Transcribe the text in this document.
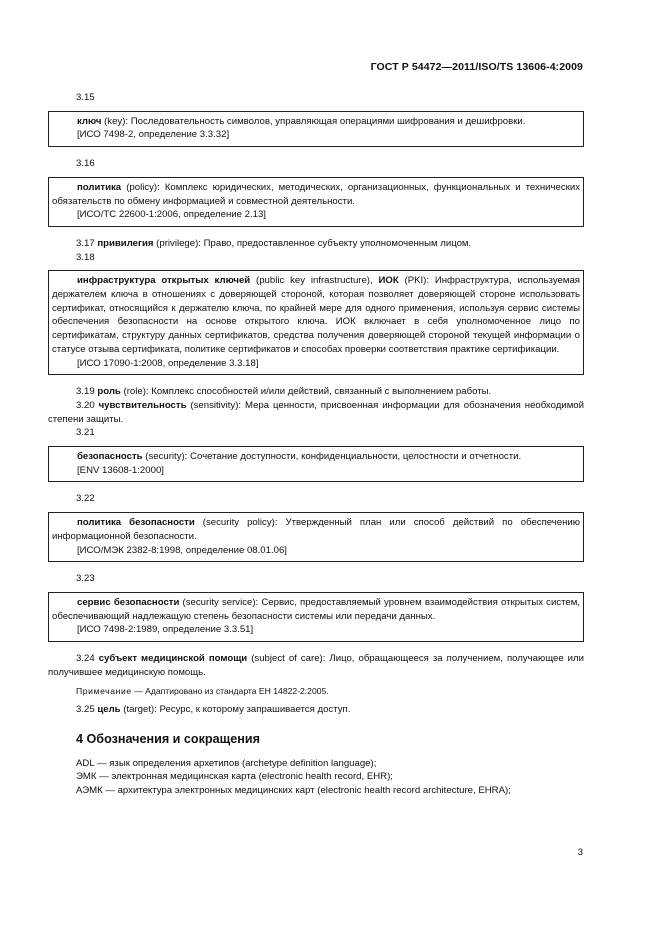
ГОСТ Р 54472—2011/ISO/TS 13606-4:2009
3.15
ключ (key): Последовательность символов, управляющая операциями шифрования и дешифровки.
[ИСО 7498-2, определение 3.3.32]
3.16
политика (policy): Комплекс юридических, методических, организационных, функциональных и технических обязательств по обмену информацией и совместной деятельности.
[ИСО/ТС 22600-1:2006, определение 2.13]
3.17 привилегия (privilege): Право, предоставленное субъекту уполномоченным лицом.
3.18
инфраструктура открытых ключей (public key infrastructure), ИОК (PKI): Инфраструктура, используемая держателем ключа в отношениях с доверяющей стороной, которая позволяет доверяющей стороне использовать сертификат, относящийся к держателю ключа, по крайней мере для одного применения, используя сервис системы обеспечения безопасности на основе открытого ключа. ИОК включает в себя уполномоченное лицо по сертификатам, структуру данных сертификатов, средства получения доверяющей стороной текущей информации о статусе отзыва сертификата, политике сертификатов и способах проверки соответствия практике сертификации.
[ИСО 17090-1:2008, определение 3.3.18]
3.19 роль (role): Комплекс способностей и/или действий, связанный с выполнением работы.
3.20 чувствительность (sensitivity): Мера ценности, присвоенная информации для обозначения необходимой степени защиты.
3.21
безопасность (security): Сочетание доступности, конфиденциальности, целостности и отчетности.
[ENV 13608-1:2000]
3.22
политика безопасности (security policy): Утвержденный план или способ действий по обеспечению информационной безопасности.
[ИСО/МЭК 2382-8:1998, определение 08.01.06]
3.23
сервис безопасности (security service): Сервис, предоставляемый уровнем взаимодействия открытых систем, обеспечивающий надлежащую степень безопасности системы или передачи данных.
[ИСО 7498-2:1989, определение 3.3.51]
3.24 субъект медицинской помощи (subject of care): Лицо, обращающееся за получением, получающее или получившее медицинскую помощь.
Примечание — Адаптировано из стандарта ЕН 14822-2:2005.
3.25 цель (target): Ресурс, к которому запрашивается доступ.
4 Обозначения и сокращения
ADL — язык определения архетипов (archetype definition language);
ЭМК — электронная медицинская карта (electronic health record, EHR);
АЭМК — архитектура электронных медицинских карт (electronic health record architecture, EHRA);
3
